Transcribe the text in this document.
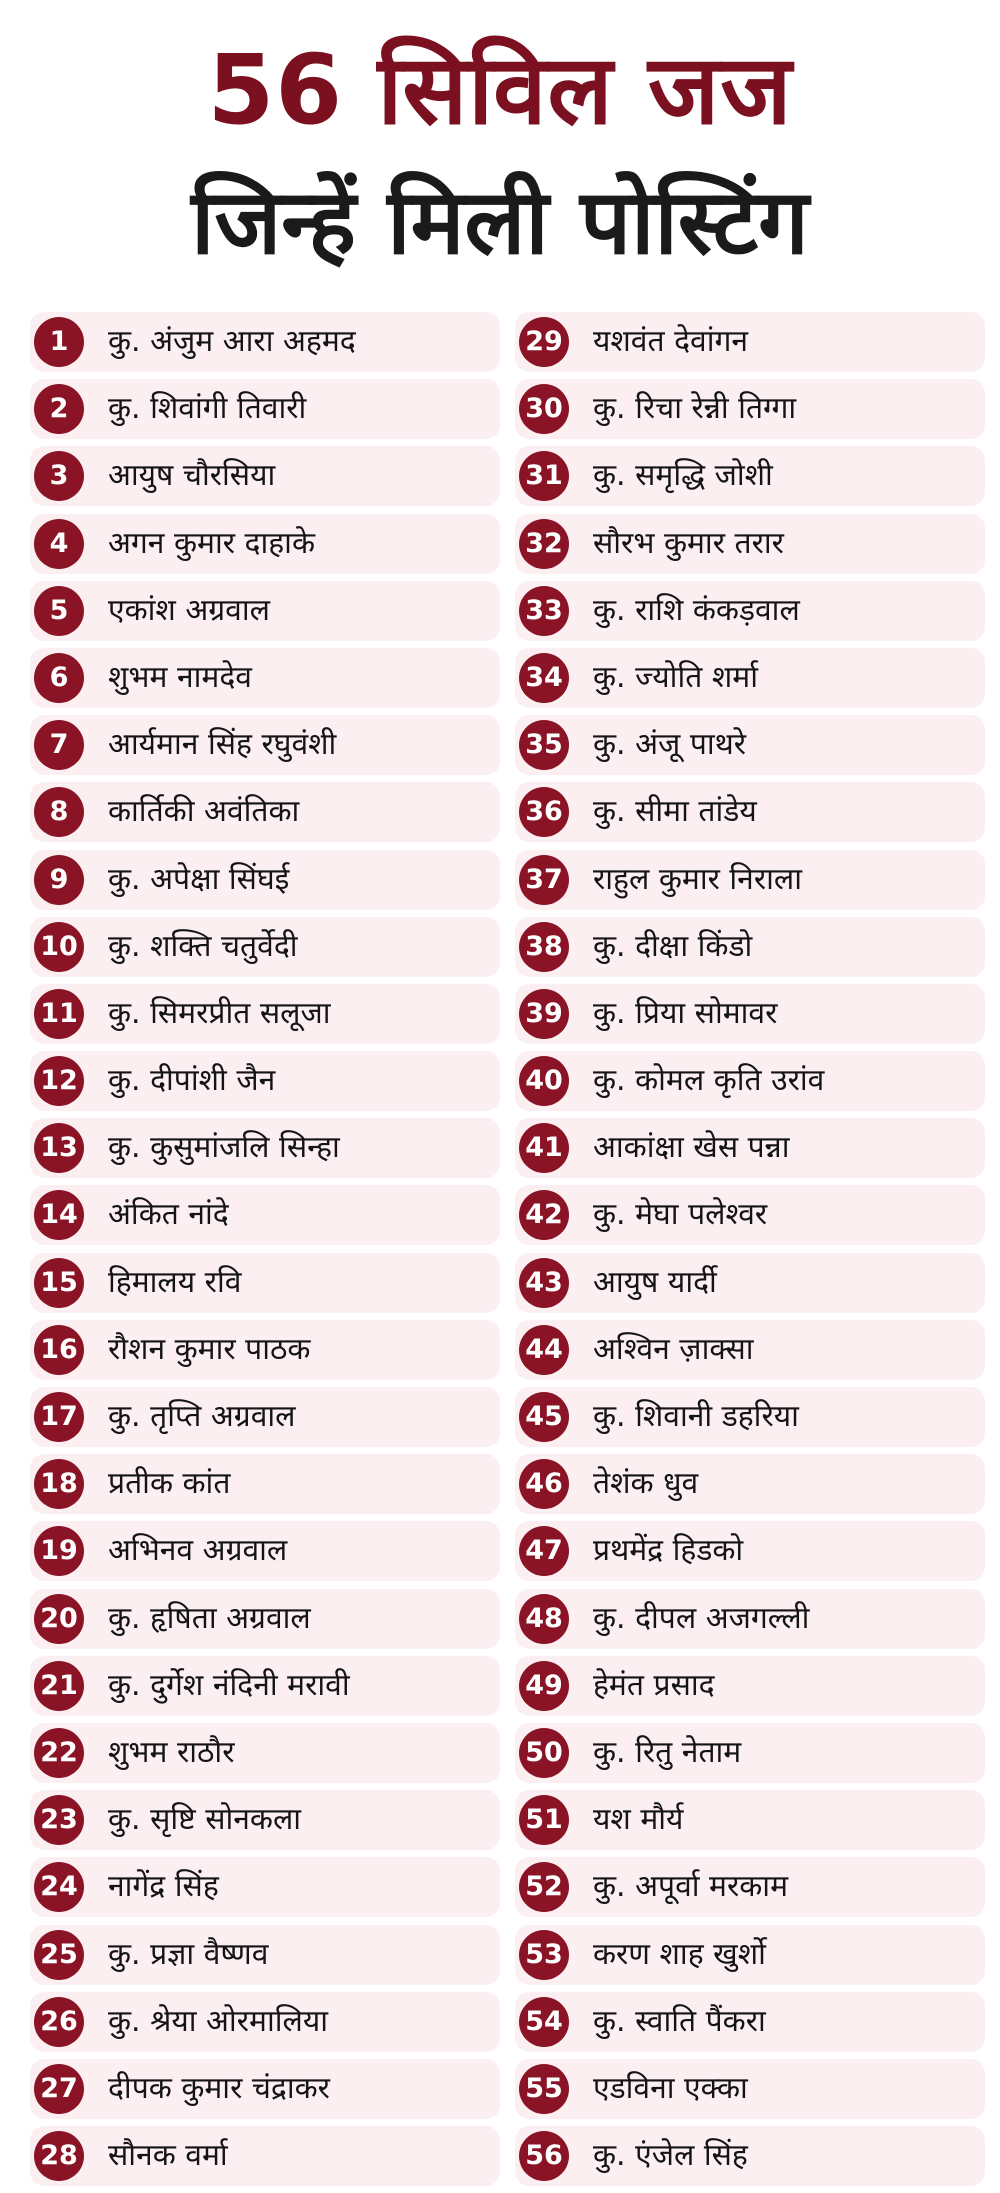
56 सिविल जज
जिन्हें मिली पोस्टिंग
1	कु. अंजुम आरा अहमद
2	कु. शिवांगी तिवारी
3	आयुष चौरसिया
4	अगन कुमार दाहाके
5	एकांश अग्रवाल
6	शुभम नामदेव
7	आर्यमान सिंह रघुवंशी
8	कार्तिकी अवंतिका
9	कु. अपेक्षा सिंघई
10 कु. शक्ति चतुर्वेदी
11 कु. सिमरप्रीत सलूजा
12 कु. दीपांशी जैन
13 कु. कुसुमांजलि सिन्हा
14 अंकित नांदे
15 हिमालय रवि
16 रौशन कुमार पाठक
17 कु. तृप्ति अग्रवाल
18 प्रतीक कांत
19 अभिनव अग्रवाल
20 कु. हृषिता अग्रवाल
21 कु. दुर्गेश नंदिनी मरावी
22 शुभम राठौर
23 कु. सृष्टि सोनकला
24 नागेंद्र सिंह
25 कु. प्रज्ञा वैष्णव
26 कु. श्रेया ओरमालिया
27 दीपक कुमार चंद्राकर
28 सौनक वर्मा
29 यशवंत देवांगन
30 कु. रिचा रेन्नी तिग्गा
31 कु. समृद्धि जोशी
32 सौरभ कुमार तरार
33 कु. राशि कंकड़वाल
34 कु. ज्योति शर्मा
35 कु. अंजू पाथरे
36 कु. सीमा तांडेय
37 राहुल कुमार निराला
38 कु. दीक्षा किंडो
39 कु. प्रिया सोमावर
40 कु. कोमल कृति उरांव
41 आकांक्षा खेस पन्ना
42 कु. मेघा पलेश्वर
43 आयुष यार्दी
44 अश्विन ज़ाक्सा
45 कु. शिवानी डहरिया
46 तेशंक धुव
47 प्रथमेंद्र हिडको
48 कु. दीपल अजगल्ली
49 हेमंत प्रसाद
50 कु. रितु नेताम
51 यश मौर्य
52 कु. अपूर्वा मरकाम
53 करण शाह खुर्शो
54 कु. स्वाति पैंकरा
55 एडविना एक्का
56 कु. एंजेल सिंह
